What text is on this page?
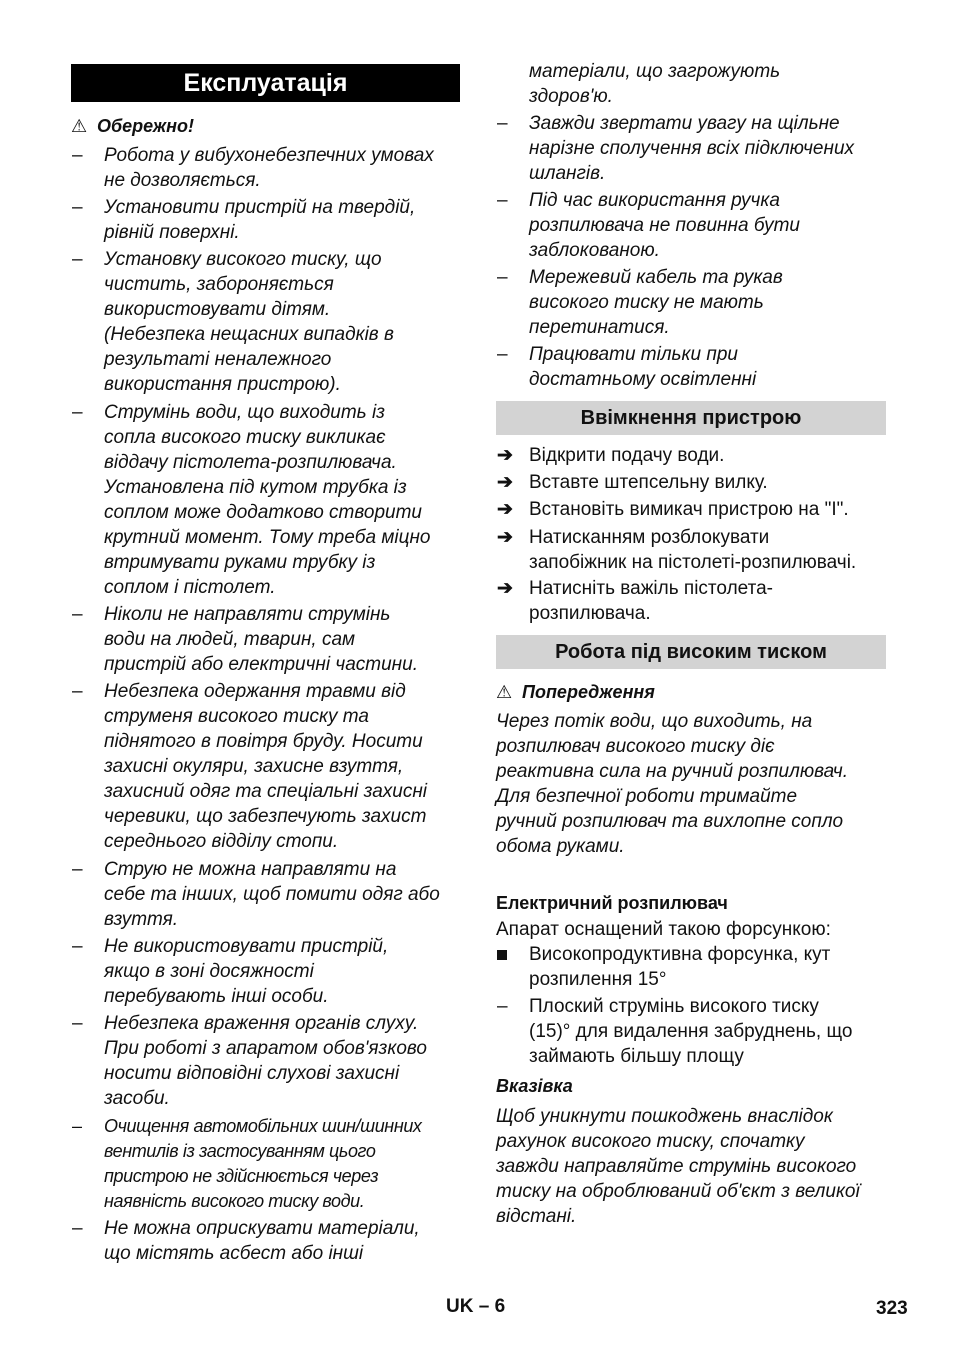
Експлуатація
⚠ Обережно!
– Робота у вибухонебезпечних умовах
не дозволяється.
– Установити пристрій на твердій,
рівній поверхні.
– Установку високого тиску, що
чистить, забороняється
використовувати дітям.
(Небезпека нещасних випадків в
результаті неналежного
використання пристрою).
– Струмінь води, що виходить із
сопла високого тиску викликає
віддачу пістолета-розпилювача.
Установлена під кутом трубка із
соплом може додатково створити
крутний момент. Тому треба міцно
втримувати руками трубку із
соплом і пістолет.
– Ніколи не направляти струмінь
води на людей, тварин, сам
пристрій або електричні частини.
– Небезпека одержання травми від
струменя високого тиску та
піднятого в повітря бруду. Носити
захисні окуляри, захисне взуття,
захисний одяг та спеціальні захисні
черевики, що забезпечують захист
середнього відділу стопи.
– Струю не можна направляти на
себе та інших, щоб помити одяг або
взуття.
– Не використовувати пристрій,
якщо в зоні досяжності
перебувають інші особи.
– Небезпека враження органів слуху.
При роботі з апаратом обов'язково
носити відповідні слухові захисні
засоби.
– Очищення автомобільних шин/шинних
вентилів із застосуванням цього
пристрою не здійснюється через
наявність високого тиску води.
– Не можна оприскувати матеріали,
що містять асбест або інші
матеріали, що загрожують
здоров'ю.
– Завжди звертати увагу на щільне
нарізне сполучення всіх підключених
шлангів.
– Під час використання ручка
розпилювача не повинна бути
заблокованою.
– Мережевий кабель та рукав
високого тиску не мають
перетинатися.
– Працювати тільки при
достатньому освітленні
Ввімкнення пристрою
➔ Відкрити подачу води.
➔ Вставте штепсельну вилку.
➔ Встановіть вимикач пристрою на "I".
➔ Натисканням розблокувати
запобіжник на пістолеті-розпилювачі.
➔ Натисніть важіль пістолета-
розпилювача.
Робота під високим тиском
⚠ Попередження
Через потік води, що виходить, на
розпилювач високого тиску діє
реактивна сила на ручний розпилювач.
Для безпечної роботи тримайте
ручний розпилювач та вихлопне сопло
обома руками.
Електричний розпилювач
Апарат оснащений такою форсункою:
Високопродуктивна форсунка, кут
розпилення 15°
– Плоский струмінь високого тиску
(15)° для видалення забруднень, що
займають більшу площу
Вказівка
Щоб уникнути пошкоджень внаслідок
рахунок високого тиску, спочатку
завжди направляйте струмінь високого
тиску на оброблюваний об'єкт з великої
відстані.
UK – 6	323
